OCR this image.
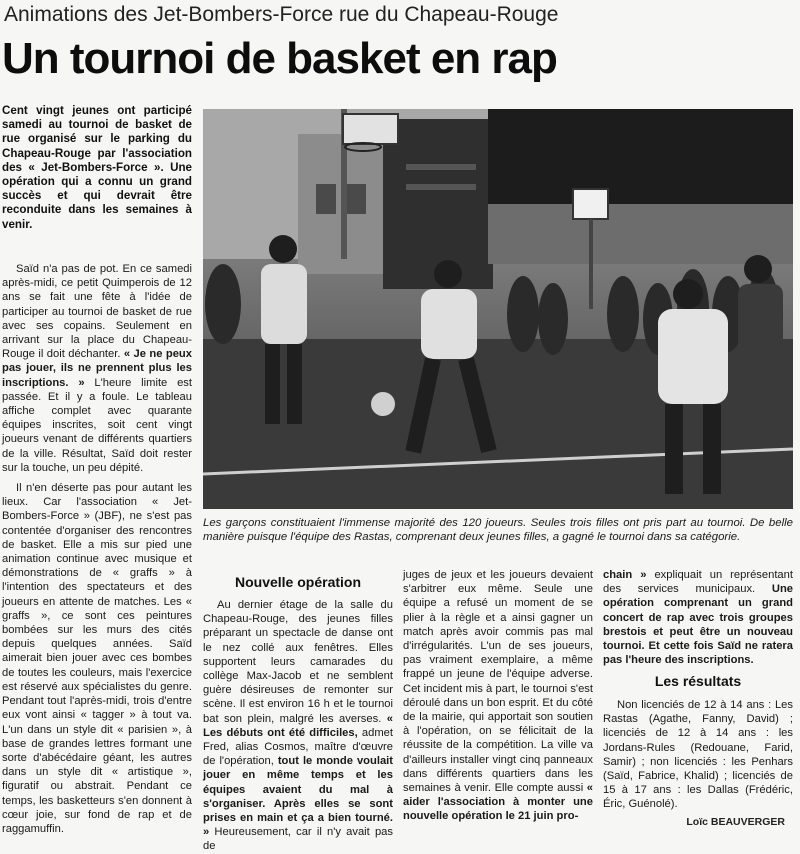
Animations des Jet-Bombers-Force rue du Chapeau-Rouge
Un tournoi de basket en rap
Cent vingt jeunes ont participé samedi au tournoi de basket de rue organisé sur le parking du Chapeau-Rouge par l'association des « Jet-Bombers-Force ». Une opération qui a connu un grand succès et qui devrait être reconduite dans les semaines à venir.

Saïd n'a pas de pot. En ce samedi après-midi, ce petit Quimperois de 12 ans se fait une fête à l'idée de participer au tournoi de basket de rue avec ses copains. Seulement en arrivant sur la place du Chapeau-Rouge il doit déchanter. « Je ne peux pas jouer, ils ne prennent plus les inscriptions. » L'heure limite est passée. Et il y a foule. Le tableau affiche complet avec quarante équipes inscrites, soit cent vingt joueurs venant de différents quartiers de la ville. Résultat, Saïd doit rester sur la touche, un peu dépité.

Il n'en désertе pas pour autant les lieux. Car l'association « Jet-Bombers-Force » (JBF), ne s'est pas contentée d'organiser des rencontres de basket. Elle a mis sur pied une animation continue avec musique et démonstrations de « graffs » à l'intention des spectateurs et des joueurs en attente de matches. Les « graffs », ce sont ces peintures bombées sur les murs des cités depuis quelques années. Saïd aimerait bien jouer avec ces bombes de toutes les couleurs, mais l'exercice est réservé aux spécialistes du genre. Pendant tout l'après-midi, trois d'entre eux vont ainsi « tagger » à tout va. L'un dans un style dit « parisien », à base de grandes lettres formant une sorte d'abécédaire géant, les autres dans un style dit « artistique », figuratif ou abstrait. Pendant ce temps, les basketteurs s'en donnent à cœur joie, sur fond de rap et de raggamuffin.

Les garçons constituaient l'immense majorité des 120 joueurs. Seules trois filles ont pris part au tournoi. De belle manière puisque l'équipe des Rastas, comprenant deux jeunes filles, a gagné le tournoi dans sa catégorie.
Nouvelle opération

Au dernier étage de la salle du Chapeau-Rouge, des jeunes filles préparant un spectacle de danse ont le nez collé aux fenêtres. Elles supportent leurs camarades du collège Max-Jacob et ne semblent guère désireuses de remonter sur scène. Il est environ 16 h et le tournoi bat son plein, malgré les averses. « Les débuts ont été difficiles, admet Fred, alias Cosmos, maître d'œuvre de l'opération, tout le monde voulait jouer en même temps et les équipes avaient du mal à s'organiser. Après elles se sont prises en main et ça a bien tourné. » Heureusement, car il n'y avait pas de

juges de jeux et les joueurs devaient s'arbitrer eux même. Seule une équipe a refusé un moment de se plier à la règle et a ainsi gagner un match après avoir commis pas mal d'irrégularités. L'un de ses joueurs, pas vraiment exemplaire, a même frappé un jeune de l'équipe adverse. Cet incident mis à part, le tournoi s'est déroulé dans un bon esprit. Et du côté de la mairie, qui apportait son soutien à l'opération, on se félicitait de la réussite de la compétition. La ville va d'ailleurs installer vingt cinq panneaux dans différents quartiers dans les semaines à venir. Elle compte aussi « aider l'association à monter une nouvelle opération le 21 juin pro-

chain » expliquait un représentant des services municipaux. Une opération comprenant un grand concert de rap avec trois groupes brestois et peut être un nouveau tournoi. Et cette fois Saïd ne ratera pas l'heure des inscriptions.

Les résultats

Non licenciés de 12 à 14 ans : Les Rastas (Agathe, Fanny, David) ; licenciés de 12 à 14 ans : les Jordans-Rules (Redouane, Farid, Samir) ; non licenciés : les Penhars (Saïd, Fabrice, Khalid) ; licenciés de 15 à 17 ans : les Dallas (Frédéric, Éric, Guénolé).

Loïc BEAUVERGER
